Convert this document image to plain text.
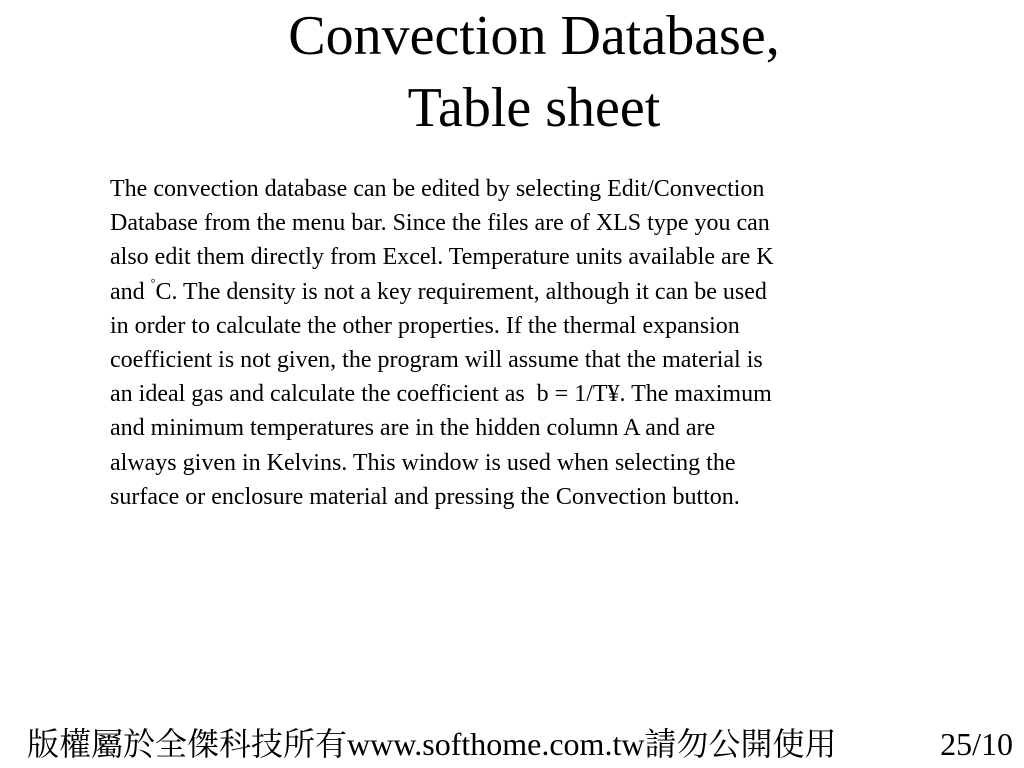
Convection Database,
Table sheet
The convection database can be edited by selecting Edit/Convection
Database from the menu bar. Since the files are of XLS type you can
also edit them directly from Excel. Temperature units available are K
and °C. The density is not a key requirement, although it can be used
in order to calculate the other properties. If the thermal expansion
coefficient is not given, the program will assume that the material is
an ideal gas and calculate the coefficient as  b = 1/T¥. The maximum
and minimum temperatures are in the hidden column A and are
always given in Kelvins. This window is used when selecting the
surface or enclosure material and pressing the Convection button.
版權屬於全傑科技所有www.softhome.com.tw請勿公開使用	25/10
